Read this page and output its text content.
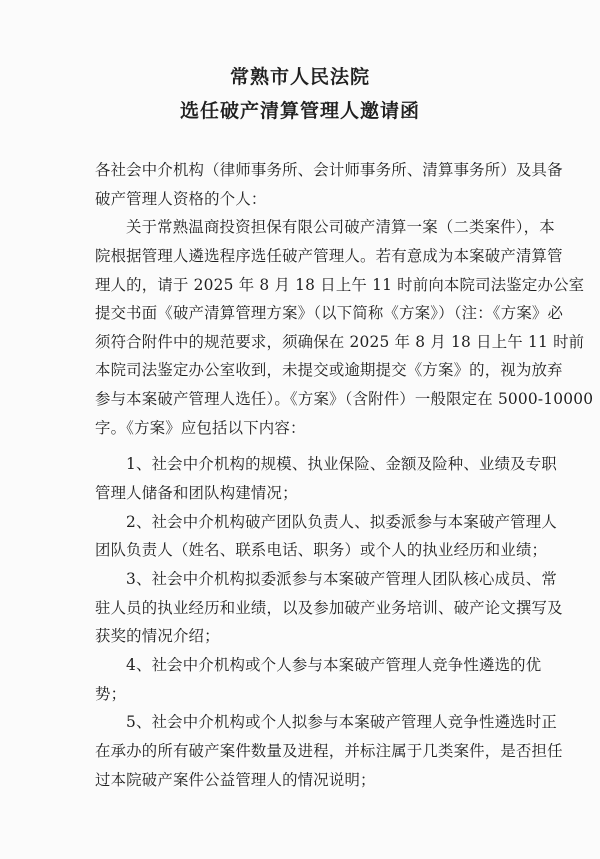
常熟市人民法院
选任破产清算管理人邀请函
各社会中介机构（律师事务所、会计师事务所、清算事务所）及具备
破产管理人资格的个人：
关于常熟温商投资担保有限公司破产清算一案（二类案件），本
院根据管理人遴选程序选任破产管理人。若有意成为本案破产清算管
理人的，请于 2025 年 8 月 18 日上午 11 时前向本院司法鉴定办公室
提交书面《破产清算管理方案》（以下简称《方案》）（注：《方案》必
须符合附件中的规范要求，须确保在 2025 年 8 月 18 日上午 11 时前
本院司法鉴定办公室收到，未提交或逾期提交《方案》的，视为放弃
参与本案破产管理人选任）。《方案》（含附件）一般限定在 5000-10000
字。《方案》应包括以下内容：
1、社会中介机构的规模、执业保险、金额及险种、业绩及专职
管理人储备和团队构建情况；
2、社会中介机构破产团队负责人、拟委派参与本案破产管理人
团队负责人（姓名、联系电话、职务）或个人的执业经历和业绩；
3、社会中介机构拟委派参与本案破产管理人团队核心成员、常
驻人员的执业经历和业绩，以及参加破产业务培训、破产论文撰写及
获奖的情况介绍；
4、社会中介机构或个人参与本案破产管理人竞争性遴选的优
势；
5、社会中介机构或个人拟参与本案破产管理人竞争性遴选时正
在承办的所有破产案件数量及进程，并标注属于几类案件，是否担任
过本院破产案件公益管理人的情况说明；
